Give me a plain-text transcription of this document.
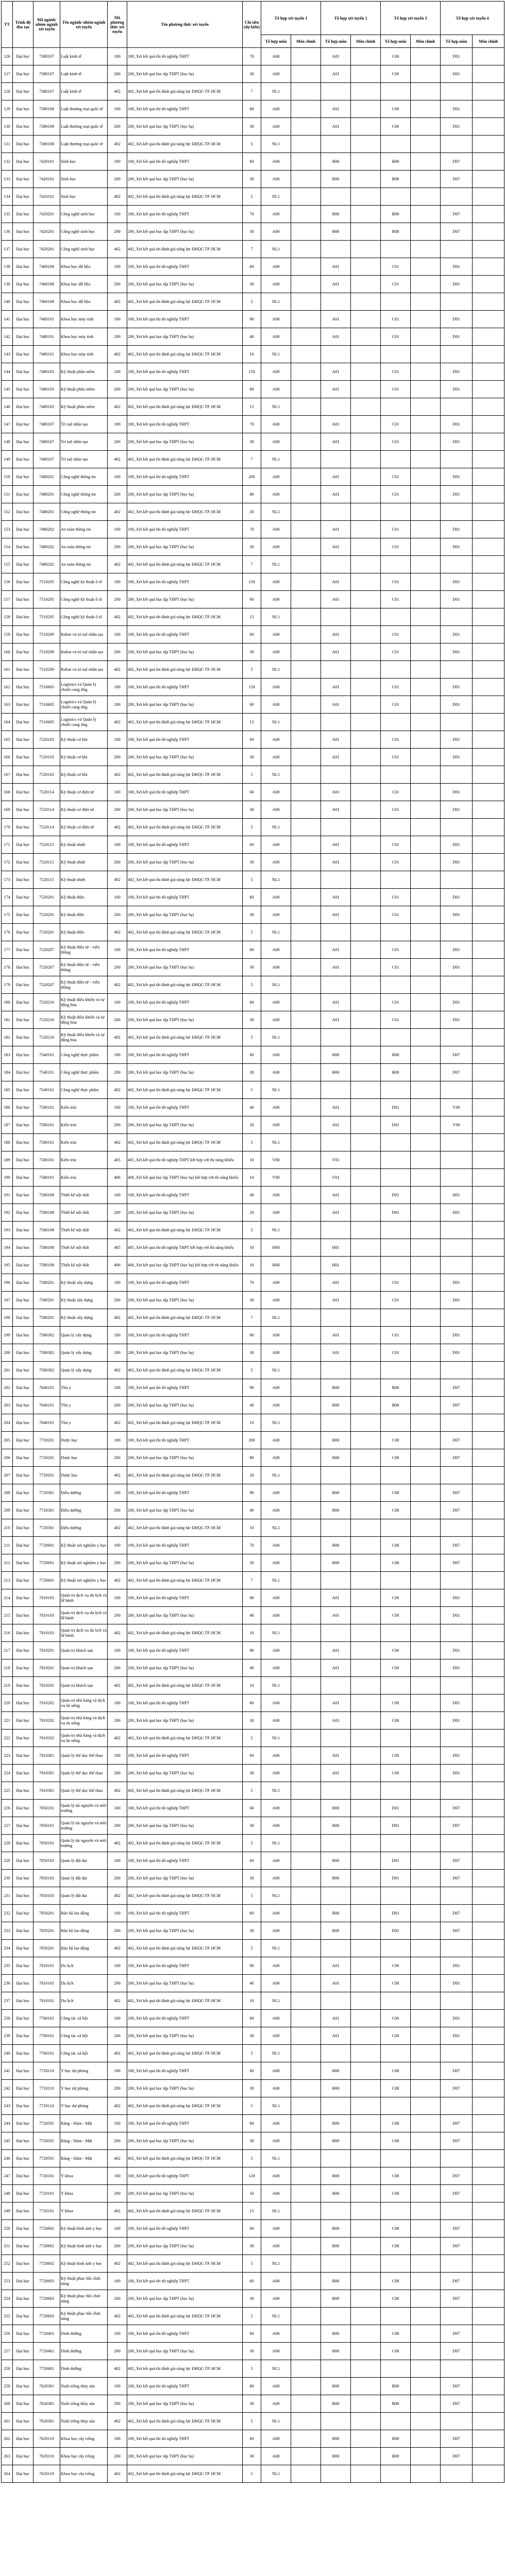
TT	Trình độ đào tạo	Mã ngành/ nhóm ngành xét tuyển	Tên ngành/ nhóm ngành xét tuyển	Mã phương thức xét tuyển	Tên phương thức xét tuyển	Chỉ tiêu (dự kiến)	Tổ hợp xét tuyển 1		Tổ hợp xét tuyển 2		Tổ hợp xét tuyển 3		Tổ hợp xét tuyển 4	
							Tổ hợp môn	Môn chính	Tổ hợp môn	Môn chính	Tổ hợp môn	Môn chính	Tổ hợp môn	Môn chính
126	Đại học	7380107	Luật kinh tế	100	100_Xét kết quả thi tốt nghiệp THPT	70	A00		A01		C00		D01	
127	Đại học	7380107	Luật kinh tế	200	200_Xét kết quả học tập THPT (học bạ)	30	A00		A01		C00		D01	
128	Đại học	7380107	Luật kinh tế	402	402_Xét kết quả thi đánh giá năng lực ĐHQG TP. HCM	7	NL1							
129	Đại học	7380108	Luật thương mại quốc tế	100	100_Xét kết quả thi tốt nghiệp THPT	60	A00		A01		C00		D01	
130	Đại học	7380108	Luật thương mại quốc tế	200	200_Xét kết quả học tập THPT (học bạ)	30	A00		A01		C00		D01	
131	Đại học	7380108	Luật thương mại quốc tế	402	402_Xét kết quả thi đánh giá năng lực ĐHQG TP. HCM	5	NL1							
132	Đại học	7420101	Sinh học	100	100_Xét kết quả thi tốt nghiệp THPT	60	A00		B00		B08		D07	
133	Đại học	7420101	Sinh học	200	200_Xét kết quả học tập THPT (học bạ)	30	A00		B00		B08		D07	
134	Đại học	7420101	Sinh học	402	402_Xét kết quả thi đánh giá năng lực ĐHQG TP. HCM	5	NL1							
135	Đại học	7420201	Công nghệ sinh học	100	100_Xét kết quả thi tốt nghiệp THPT	70	A00		B00		B08		D07	
136	Đại học	7420201	Công nghệ sinh học	200	200_Xét kết quả học tập THPT (học bạ)	30	A00		B00		B08		D07	
137	Đại học	7420201	Công nghệ sinh học	402	402_Xét kết quả thi đánh giá năng lực ĐHQG TP. HCM	7	NL1							
138	Đại học	7460108	Khoa học dữ liệu	100	100_Xét kết quả thi tốt nghiệp THPT	60	A00		A01		C01		D01	
139	Đại học	7460108	Khoa học dữ liệu	200	200_Xét kết quả học tập THPT (học bạ)	30	A00		A01		C01		D01	
140	Đại học	7460108	Khoa học dữ liệu	402	402_Xét kết quả thi đánh giá năng lực ĐHQG TP. HCM	5	NL1							
141	Đại học	7480101	Khoa học máy tính	100	100_Xét kết quả thi tốt nghiệp THPT	90	A00		A01		C01		D01	
142	Đại học	7480101	Khoa học máy tính	200	200_Xét kết quả học tập THPT (học bạ)	40	A00		A01		C01		D01	
143	Đại học	7480101	Khoa học máy tính	402	402_Xét kết quả thi đánh giá năng lực ĐHQG TP. HCM	10	NL1							
144	Đại học	7480103	Kỹ thuật phần mềm	100	100_Xét kết quả thi tốt nghiệp THPT	150	A00		A01		C01		D01	
145	Đại học	7480103	Kỹ thuật phần mềm	200	200_Xét kết quả học tập THPT (học bạ)	60	A00		A01		C01		D01	
146	Đại học	7480103	Kỹ thuật phần mềm	402	402_Xét kết quả thi đánh giá năng lực ĐHQG TP. HCM	15	NL1							
147	Đại học	7480107	Trí tuệ nhân tạo	100	100_Xét kết quả thi tốt nghiệp THPT	70	A00		A01		C01		D01	
148	Đại học	7480107	Trí tuệ nhân tạo	200	200_Xét kết quả học tập THPT (học bạ)	30	A00		A01		C01		D01	
149	Đại học	7480107	Trí tuệ nhân tạo	402	402_Xét kết quả thi đánh giá năng lực ĐHQG TP. HCM	7	NL1							
150	Đại học	7480201	Công nghệ thông tin	100	100_Xét kết quả thi tốt nghiệp THPT	200	A00		A01		C01		D01	
151	Đại học	7480201	Công nghệ thông tin	200	200_Xét kết quả học tập THPT (học bạ)	80	A00		A01		C01		D01	
152	Đại học	7480201	Công nghệ thông tin	402	402_Xét kết quả thi đánh giá năng lực ĐHQG TP. HCM	20	NL1							
153	Đại học	7480202	An toàn thông tin	100	100_Xét kết quả thi tốt nghiệp THPT	70	A00		A01		C01		D01	
154	Đại học	7480202	An toàn thông tin	200	200_Xét kết quả học tập THPT (học bạ)	30	A00		A01		C01		D01	
155	Đại học	7480202	An toàn thông tin	402	402_Xét kết quả thi đánh giá năng lực ĐHQG TP. HCM	7	NL1							
156	Đại học	7510205	Công nghệ kỹ thuật ô tô	100	100_Xét kết quả thi tốt nghiệp THPT	150	A00		A01		C01		D01	
157	Đại học	7510205	Công nghệ kỹ thuật ô tô	200	200_Xét kết quả học tập THPT (học bạ)	60	A00		A01		C01		D01	
158	Đại học	7510205	Công nghệ kỹ thuật ô tô	402	402_Xét kết quả thi đánh giá năng lực ĐHQG TP. HCM	15	NL1							
159	Đại học	7510209	Robot và trí tuệ nhân tạo	100	100_Xét kết quả thi tốt nghiệp THPT	60	A00		A01		C01		D01	
160	Đại học	7510209	Robot và trí tuệ nhân tạo	200	200_Xét kết quả học tập THPT (học bạ)	30	A00		A01		C01		D01	
161	Đại học	7510209	Robot và trí tuệ nhân tạo	402	402_Xét kết quả thi đánh giá năng lực ĐHQG TP. HCM	5	NL1							
162	Đại học	7510605	Logistics và Quản lý chuỗi cung ứng	100	100_Xét kết quả thi tốt nghiệp THPT	150	A00		A01		C01		D01	
163	Đại học	7510605	Logistics và Quản lý chuỗi cung ứng	200	200_Xét kết quả học tập THPT (học bạ)	60	A00		A01		C01		D01	
164	Đại học	7510605	Logistics và Quản lý chuỗi cung ứng	402	402_Xét kết quả thi đánh giá năng lực ĐHQG TP. HCM	15	NL1							
165	Đại học	7520103	Kỹ thuật cơ khí	100	100_Xét kết quả thi tốt nghiệp THPT	60	A00		A01		C01		D01	
166	Đại học	7520103	Kỹ thuật cơ khí	200	200_Xét kết quả học tập THPT (học bạ)	30	A00		A01		C01		D01	
167	Đại học	7520103	Kỹ thuật cơ khí	402	402_Xét kết quả thi đánh giá năng lực ĐHQG TP. HCM	5	NL1							
168	Đại học	7520114	Kỹ thuật cơ điện tử	100	100_Xét kết quả thi tốt nghiệp THPT	60	A00		A01		C01		D01	
169	Đại học	7520114	Kỹ thuật cơ điện tử	200	200_Xét kết quả học tập THPT (học bạ)	30	A00		A01		C01		D01	
170	Đại học	7520114	Kỹ thuật cơ điện tử	402	402_Xét kết quả thi đánh giá năng lực ĐHQG TP. HCM	5	NL1							
171	Đại học	7520115	Kỹ thuật nhiệt	100	100_Xét kết quả thi tốt nghiệp THPT	60	A00		A01		C01		D01	
172	Đại học	7520115	Kỹ thuật nhiệt	200	200_Xét kết quả học tập THPT (học bạ)	30	A00		A01		C01		D01	
173	Đại học	7520115	Kỹ thuật nhiệt	402	402_Xét kết quả thi đánh giá năng lực ĐHQG TP. HCM	5	NL1							
174	Đại học	7520201	Kỹ thuật điện	100	100_Xét kết quả thi tốt nghiệp THPT	60	A00		A01		C01		D01	
175	Đại học	7520201	Kỹ thuật điện	200	200_Xét kết quả học tập THPT (học bạ)	30	A00		A01		C01		D01	
176	Đại học	7520201	Kỹ thuật điện	402	402_Xét kết quả thi đánh giá năng lực ĐHQG TP. HCM	5	NL1							
177	Đại học	7520207	Kỹ thuật điện tử - viễn thông	100	100_Xét kết quả thi tốt nghiệp THPT	60	A00		A01		C01		D01	
178	Đại học	7520207	Kỹ thuật điện tử - viễn thông	200	200_Xét kết quả học tập THPT (học bạ)	30	A00		A01		C01		D01	
179	Đại học	7520207	Kỹ thuật điện tử - viễn thông	402	402_Xét kết quả thi đánh giá năng lực ĐHQG TP. HCM	5	NL1							
180	Đại học	7520216	Kỹ thuật điều khiển và tự động hóa	100	100_Xét kết quả thi tốt nghiệp THPT	60	A00		A01		C01		D01	
181	Đại học	7520216	Kỹ thuật điều khiển và tự động hóa	200	200_Xét kết quả học tập THPT (học bạ)	30	A00		A01		C01		D01	
182	Đại học	7520216	Kỹ thuật điều khiển và tự động hóa	402	402_Xét kết quả thi đánh giá năng lực ĐHQG TP. HCM	5	NL1							
183	Đại học	7540101	Công nghệ thực phẩm	100	100_Xét kết quả thi tốt nghiệp THPT	60	A00		B00		B08		D07	
184	Đại học	7540101	Công nghệ thực phẩm	200	200_Xét kết quả học tập THPT (học bạ)	30	A00		B00		B08		D07	
185	Đại học	7540101	Công nghệ thực phẩm	402	402_Xét kết quả thi đánh giá năng lực ĐHQG TP. HCM	5	NL1							
186	Đại học	7580101	Kiến trúc	100	100_Xét kết quả thi tốt nghiệp THPT	40	A00		A01		D01		V00	
187	Đại học	7580101	Kiến trúc	200	200_Xét kết quả học tập THPT (học bạ)	20	A00		A01		D01		V00	
188	Đại học	7580101	Kiến trúc	402	402_Xét kết quả thi đánh giá năng lực ĐHQG TP. HCM	5	NL1							
189	Đại học	7580101	Kiến trúc	405	405_Xét kết quả thi tốt nghiệp THPT kết hợp với thi năng khiếu	10	V00		V01					
190	Đại học	7580101	Kiến trúc	406	406_Xét kết quả học tập THPT (học bạ) kết hợp với thi năng khiếu	10	V00		V01					
191	Đại học	7580108	Thiết kế nội thất	100	100_Xét kết quả thi tốt nghiệp THPT	40	A00		A01		D01		H01	
192	Đại học	7580108	Thiết kế nội thất	200	200_Xét kết quả học tập THPT (học bạ)	20	A00		A01		D01		H01	
193	Đại học	7580108	Thiết kế nội thất	402	402_Xét kết quả thi đánh giá năng lực ĐHQG TP. HCM	5	NL1							
194	Đại học	7580108	Thiết kế nội thất	405	405_Xét kết quả thi tốt nghiệp THPT kết hợp với thi năng khiếu	10	H00		H01					
195	Đại học	7580108	Thiết kế nội thất	406	406_Xét kết quả học tập THPT (học bạ) kết hợp với thi năng khiếu	10	H00		H01					
196	Đại học	7580201	Kỹ thuật xây dựng	100	100_Xét kết quả thi tốt nghiệp THPT	70	A00		A01		C01		D01	
197	Đại học	7580201	Kỹ thuật xây dựng	200	200_Xét kết quả học tập THPT (học bạ)	30	A00		A01		C01		D01	
198	Đại học	7580201	Kỹ thuật xây dựng	402	402_Xét kết quả thi đánh giá năng lực ĐHQG TP. HCM	7	NL1							
199	Đại học	7580302	Quản lý xây dựng	100	100_Xét kết quả thi tốt nghiệp THPT	60	A00		A01		C01		D01	
200	Đại học	7580302	Quản lý xây dựng	200	200_Xét kết quả học tập THPT (học bạ)	30	A00		A01		C01		D01	
201	Đại học	7580302	Quản lý xây dựng	402	402_Xét kết quả thi đánh giá năng lực ĐHQG TP. HCM	5	NL1							
202	Đại học	7640101	Thú y	100	100_Xét kết quả thi tốt nghiệp THPT	90	A00		B00		B08		D07	
203	Đại học	7640101	Thú y	200	200_Xét kết quả học tập THPT (học bạ)	40	A00		B00		B08		D07	
204	Đại học	7640101	Thú y	402	402_Xét kết quả thi đánh giá năng lực ĐHQG TP. HCM	10	NL1							
205	Đại học	7720201	Dược học	100	100_Xét kết quả thi tốt nghiệp THPT	200	A00		B00		C08		D07	
206	Đại học	7720201	Dược học	200	200_Xét kết quả học tập THPT (học bạ)	80	A00		B00		C08		D07	
207	Đại học	7720201	Dược học	402	402_Xét kết quả thi đánh giá năng lực ĐHQG TP. HCM	20	NL1							
208	Đại học	7720301	Điều dưỡng	100	100_Xét kết quả thi tốt nghiệp THPT	90	A00		B00		C08		D07	
209	Đại học	7720301	Điều dưỡng	200	200_Xét kết quả học tập THPT (học bạ)	40	A00		B00		C08		D07	
210	Đại học	7720301	Điều dưỡng	402	402_Xét kết quả thi đánh giá năng lực ĐHQG TP. HCM	10	NL1							
211	Đại học	7720601	Kỹ thuật xét nghiệm y học	100	100_Xét kết quả thi tốt nghiệp THPT	70	A00		B00		C08		D07	
212	Đại học	7720601	Kỹ thuật xét nghiệm y học	200	200_Xét kết quả học tập THPT (học bạ)	30	A00		B00		C08		D07	
213	Đại học	7720601	Kỹ thuật xét nghiệm y học	402	402_Xét kết quả thi đánh giá năng lực ĐHQG TP. HCM	7	NL1							
214	Đại học	7810103	Quản trị dịch vụ du lịch và lữ hành	100	100_Xét kết quả thi tốt nghiệp THPT	90	A00		A01		C00		D01	
215	Đại học	7810103	Quản trị dịch vụ du lịch và lữ hành	200	200_Xét kết quả học tập THPT (học bạ)	40	A00		A01		C00		D01	
216	Đại học	7810103	Quản trị dịch vụ du lịch và lữ hành	402	402_Xét kết quả thi đánh giá năng lực ĐHQG TP. HCM	10	NL1							
217	Đại học	7810201	Quản trị khách sạn	100	100_Xét kết quả thi tốt nghiệp THPT	90	A00		A01		C00		D01	
218	Đại học	7810201	Quản trị khách sạn	200	200_Xét kết quả học tập THPT (học bạ)	40	A00		A01		C00		D01	
219	Đại học	7810201	Quản trị khách sạn	402	402_Xét kết quả thi đánh giá năng lực ĐHQG TP. HCM	10	NL1							
220	Đại học	7810202	Quản trị nhà hàng và dịch vụ ăn uống	100	100_Xét kết quả thi tốt nghiệp THPT	60	A00		A01		C00		D01	
221	Đại học	7810202	Quản trị nhà hàng và dịch vụ ăn uống	200	200_Xét kết quả học tập THPT (học bạ)	30	A00		A01		C00		D01	
222	Đại học	7810202	Quản trị nhà hàng và dịch vụ ăn uống	402	402_Xét kết quả thi đánh giá năng lực ĐHQG TP. HCM	5	NL1							
223	Đại học	7810301	Quản lý thể dục thể thao	100	100_Xét kết quả thi tốt nghiệp THPT	60	A00		A01		C00		D01	
224	Đại học	7810301	Quản lý thể dục thể thao	200	200_Xét kết quả học tập THPT (học bạ)	30	A00		A01		C00		D01	
225	Đại học	7810301	Quản lý thể dục thể thao	402	402_Xét kết quả thi đánh giá năng lực ĐHQG TP. HCM	5	NL1							
226	Đại học	7850101	Quản lý tài nguyên và môi trường	100	100_Xét kết quả thi tốt nghiệp THPT	60	A00		B00		D01		D07	
227	Đại học	7850101	Quản lý tài nguyên và môi trường	200	200_Xét kết quả học tập THPT (học bạ)	30	A00		B00		D01		D07	
228	Đại học	7850101	Quản lý tài nguyên và môi trường	402	402_Xét kết quả thi đánh giá năng lực ĐHQG TP. HCM	5	NL1							
229	Đại học	7850103	Quản lý đất đai	100	100_Xét kết quả thi tốt nghiệp THPT	60	A00		B00		D01		D07	
230	Đại học	7850103	Quản lý đất đai	200	200_Xét kết quả học tập THPT (học bạ)	30	A00		B00		D01		D07	
231	Đại học	7850103	Quản lý đất đai	402	402_Xét kết quả thi đánh giá năng lực ĐHQG TP. HCM	5	NL1							
232	Đại học	7850201	Bảo hộ lao động	100	100_Xét kết quả thi tốt nghiệp THPT	60	A00		B00		D01		D07	
233	Đại học	7850201	Bảo hộ lao động	200	200_Xét kết quả học tập THPT (học bạ)	30	A00		B00		D01		D07	
234	Đại học	7850201	Bảo hộ lao động	402	402_Xét kết quả thi đánh giá năng lực ĐHQG TP. HCM	5	NL1							
235	Đại học	7810101	Du lịch	100	100_Xét kết quả thi tốt nghiệp THPT	90	A00		A01		C00		D01	
236	Đại học	7810101	Du lịch	200	200_Xét kết quả học tập THPT (học bạ)	40	A00		A01		C00		D01	
237	Đại học	7810101	Du lịch	402	402_Xét kết quả thi đánh giá năng lực ĐHQG TP. HCM	10	NL1							
238	Đại học	7760101	Công tác xã hội	100	100_Xét kết quả thi tốt nghiệp THPT	60	A00		A01		C00		D01	
239	Đại học	7760101	Công tác xã hội	200	200_Xét kết quả học tập THPT (học bạ)	30	A00		A01		C00		D01	
240	Đại học	7760101	Công tác xã hội	402	402_Xét kết quả thi đánh giá năng lực ĐHQG TP. HCM	5	NL1							
241	Đại học	7720110	Y học dự phòng	100	100_Xét kết quả thi tốt nghiệp THPT	60	A00		B00		C08		D07	
242	Đại học	7720110	Y học dự phòng	200	200_Xét kết quả học tập THPT (học bạ)	30	A00		B00		C08		D07	
243	Đại học	7720110	Y học dự phòng	402	402_Xét kết quả thi đánh giá năng lực ĐHQG TP. HCM	5	NL1							
244	Đại học	7720501	Răng - Hàm - Mặt	100	100_Xét kết quả thi tốt nghiệp THPT	60	A00		B00		C08		D07	
245	Đại học	7720501	Răng - Hàm - Mặt	200	200_Xét kết quả học tập THPT (học bạ)	30	A00		B00		C08		D07	
246	Đại học	7720501	Răng - Hàm - Mặt	402	402_Xét kết quả thi đánh giá năng lực ĐHQG TP. HCM	5	NL1							
247	Đại học	7720101	Y khoa	100	100_Xét kết quả thi tốt nghiệp THPT	120	A00		B00		C08		D07	
248	Đại học	7720101	Y khoa	200	200_Xét kết quả học tập THPT (học bạ)	50	A00		B00		C08		D07	
249	Đại học	7720101	Y khoa	402	402_Xét kết quả thi đánh giá năng lực ĐHQG TP. HCM	15	NL1							
250	Đại học	7720602	Kỹ thuật hình ảnh y học	100	100_Xét kết quả thi tốt nghiệp THPT	60	A00		B00		C08		D07	
251	Đại học	7720602	Kỹ thuật hình ảnh y học	200	200_Xét kết quả học tập THPT (học bạ)	30	A00		B00		C08		D07	
252	Đại học	7720602	Kỹ thuật hình ảnh y học	402	402_Xét kết quả thi đánh giá năng lực ĐHQG TP. HCM	5	NL1							
253	Đại học	7720603	Kỹ thuật phục hồi chức năng	100	100_Xét kết quả thi tốt nghiệp THPT	60	A00		B00		C08		D07	
254	Đại học	7720603	Kỹ thuật phục hồi chức năng	200	200_Xét kết quả học tập THPT (học bạ)	30	A00		B00		C08		D07	
255	Đại học	7720603	Kỹ thuật phục hồi chức năng	402	402_Xét kết quả thi đánh giá năng lực ĐHQG TP. HCM	5	NL1							
256	Đại học	7720401	Dinh dưỡng	100	100_Xét kết quả thi tốt nghiệp THPT	60	A00		B00		C08		D07	
257	Đại học	7720401	Dinh dưỡng	200	200_Xét kết quả học tập THPT (học bạ)	30	A00		B00		C08		D07	
258	Đại học	7720401	Dinh dưỡng	402	402_Xét kết quả thi đánh giá năng lực ĐHQG TP. HCM	5	NL1							
259	Đại học	7620301	Nuôi trồng thủy sản	100	100_Xét kết quả thi tốt nghiệp THPT	60	A00		B00		B08		D07	
260	Đại học	7620301	Nuôi trồng thủy sản	200	200_Xét kết quả học tập THPT (học bạ)	30	A00		B00		B08		D07	
261	Đại học	7620301	Nuôi trồng thủy sản	402	402_Xét kết quả thi đánh giá năng lực ĐHQG TP. HCM	5	NL1							
262	Đại học	7620110	Khoa học cây trồng	100	100_Xét kết quả thi tốt nghiệp THPT	60	A00		B00		B08		D07	
263	Đại học	7620110	Khoa học cây trồng	200	200_Xét kết quả học tập THPT (học bạ)	30	A00		B00		B08		D07	
264	Đại học	7620110	Khoa học cây trồng	402	402_Xét kết quả thi đánh giá năng lực ĐHQG TP. HCM	5	NL1							
